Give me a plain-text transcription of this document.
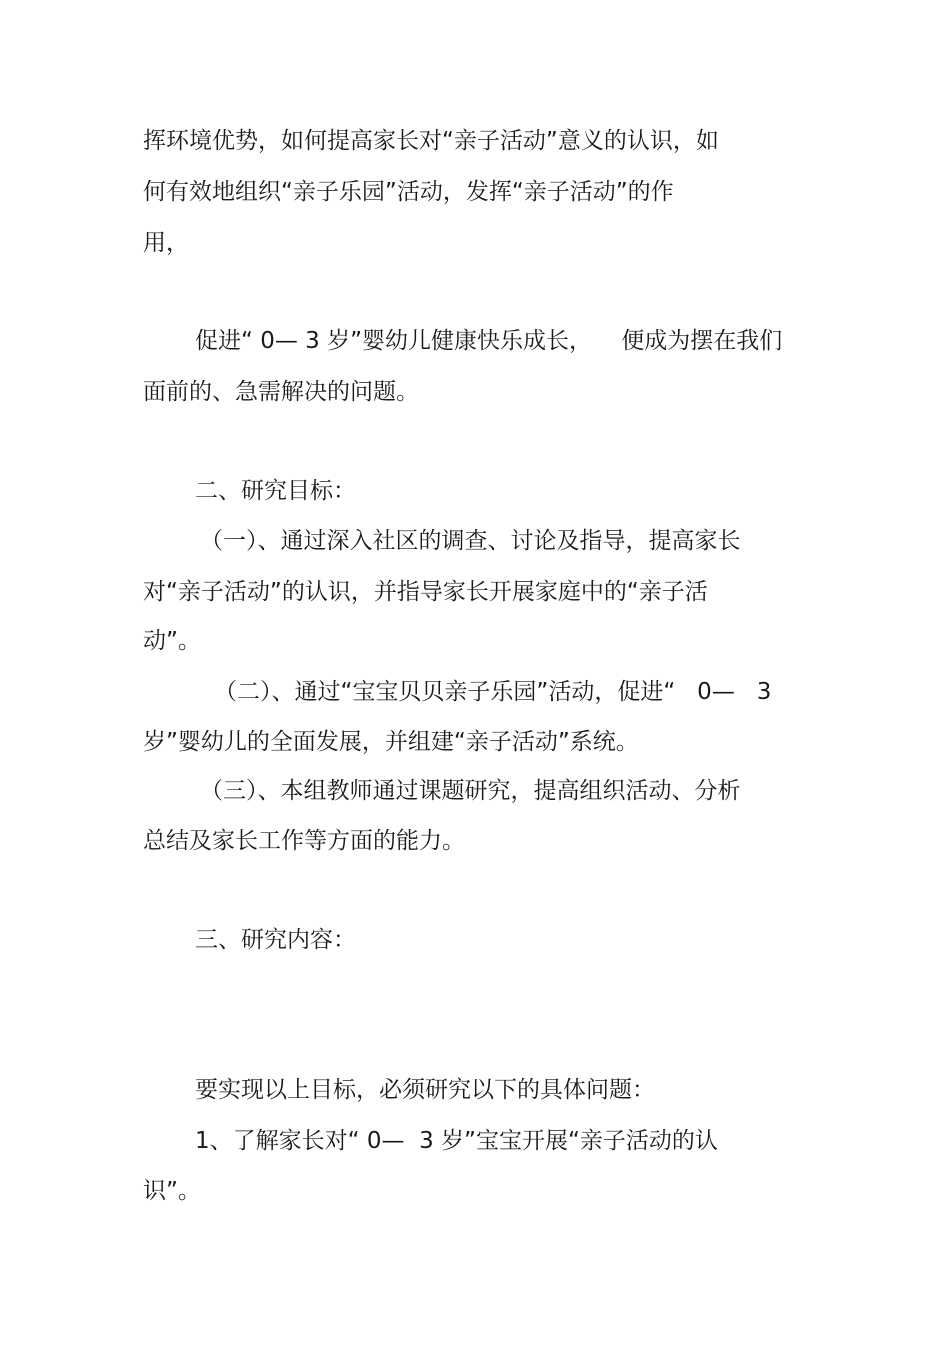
挥环境优势，如何提高家长对“亲子活动”意义的认识，如
何有效地组织“亲子乐园”活动，发挥“亲子活动”的作
用，
促进“ 0— 3 岁”婴幼儿健康快乐成长，    便成为摆在我们
面前的、急需解决的问题。
二、研究目标：
（一）、通过深入社区的调查、讨论及指导，提高家长
对“亲子活动”的认识，并指导家长开展家庭中的“亲子活
动”。
（二）、通过“宝宝贝贝亲子乐园”活动，促进“   0—   3
岁”婴幼儿的全面发展，并组建“亲子活动”系统。
（三）、本组教师通过课题研究，提高组织活动、分析
总结及家长工作等方面的能力。
三、研究内容：
要实现以上目标，必须研究以下的具体问题：
1、了解家长对“ 0—  3 岁”宝宝开展“亲子活动的认
识”。
